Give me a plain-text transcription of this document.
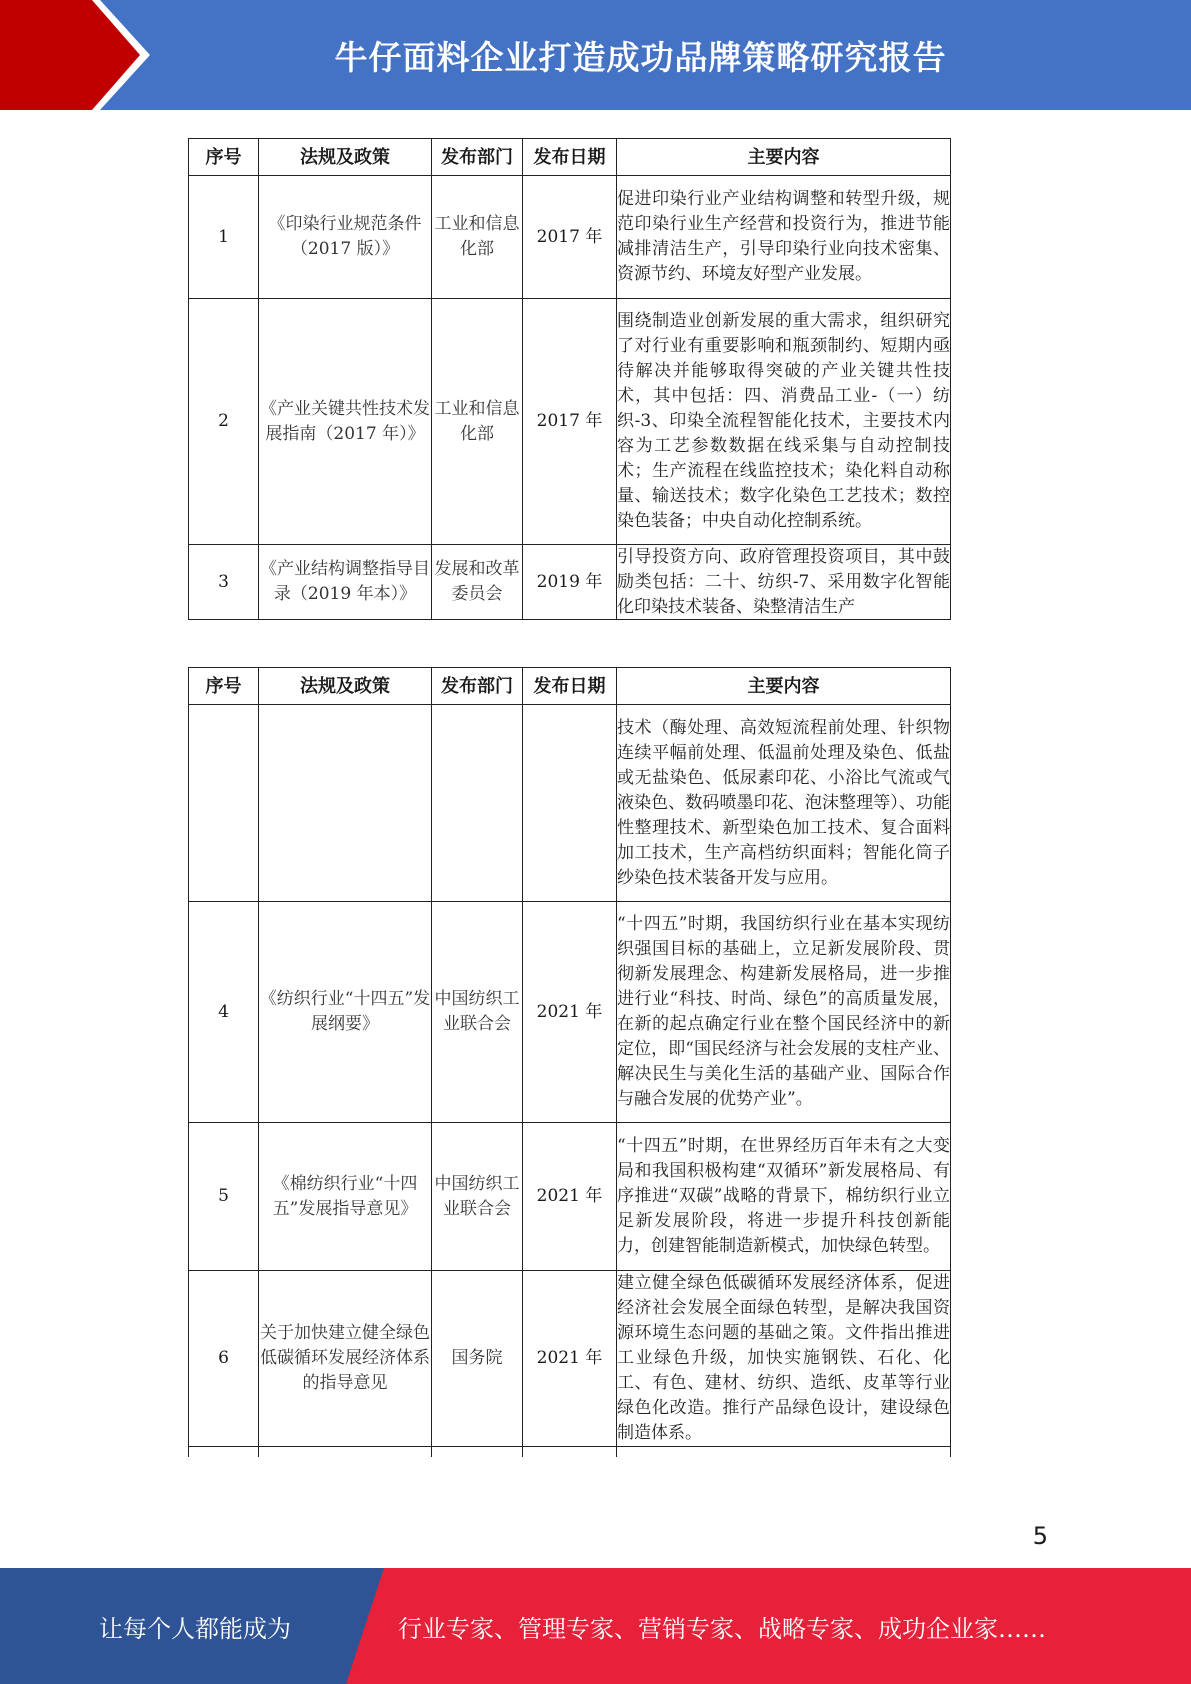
牛仔面料企业打造成功品牌策略研究报告
序号	法规及政策	发布部门	发布日期	主要内容
1	《印染行业规范条件（2017 版）》	工业和信息化部	2017 年	促进印染行业产业结构调整和转型升级，规范印染行业生产经营和投资行为，推进节能减排清洁生产，引导印染行业向技术密集、资源节约、环境友好型产业发展。
2	《产业关键共性技术发展指南（2017 年）》	工业和信息化部	2017 年	围绕制造业创新发展的重大需求，组织研究了对行业有重要影响和瓶颈制约、短期内亟待解决并能够取得突破的产业关键共性技术，其中包括：四、消费品工业-（一）纺织-3、印染全流程智能化技术，主要技术内容为工艺参数数据在线采集与自动控制技术；生产流程在线监控技术；染化料自动称量、输送技术；数字化染色工艺技术；数控染色装备；中央自动化控制系统。
3	《产业结构调整指导目录（2019 年本）》	发展和改革委员会	2019 年	引导投资方向、政府管理投资项目，其中鼓励类包括：二十、纺织-7、采用数字化智能化印染技术装备、染整清洁生产
序号	法规及政策	发布部门	发布日期	主要内容
				技术（酶处理、高效短流程前处理、针织物连续平幅前处理、低温前处理及染色、低盐或无盐染色、低尿素印花、小浴比气流或气液染色、数码喷墨印花、泡沫整理等）、功能性整理技术、新型染色加工技术、复合面料加工技术，生产高档纺织面料；智能化筒子纱染色技术装备开发与应用。
4	《纺织行业“十四五”发展纲要》	中国纺织工业联合会	2021 年	“十四五”时期，我国纺织行业在基本实现纺织强国目标的基础上，立足新发展阶段、贯彻新发展理念、构建新发展格局，进一步推进行业“科技、时尚、绿色”的高质量发展，在新的起点确定行业在整个国民经济中的新定位，即“国民经济与社会发展的支柱产业、解决民生与美化生活的基础产业、国际合作与融合发展的优势产业”。
5	《棉纺织行业“十四五”发展指导意见》	中国纺织工业联合会	2021 年	“十四五”时期，在世界经历百年未有之大变局和我国积极构建“双循环”新发展格局、有序推进“双碳”战略的背景下，棉纺织行业立足新发展阶段，将进一步提升科技创新能力，创建智能制造新模式，加快绿色转型。
6	关于加快建立健全绿色低碳循环发展经济体系的指导意见	国务院	2021 年	建立健全绿色低碳循环发展经济体系，促进经济社会发展全面绿色转型，是解决我国资源环境生态问题的基础之策。文件指出推进工业绿色升级，加快实施钢铁、石化、化工、有色、建材、纺织、造纸、皮革等行业绿色化改造。推行产品绿色设计，建设绿色制造体系。

5
让每个人都能成为	行业专家、管理专家、营销专家、战略专家、成功企业家……
